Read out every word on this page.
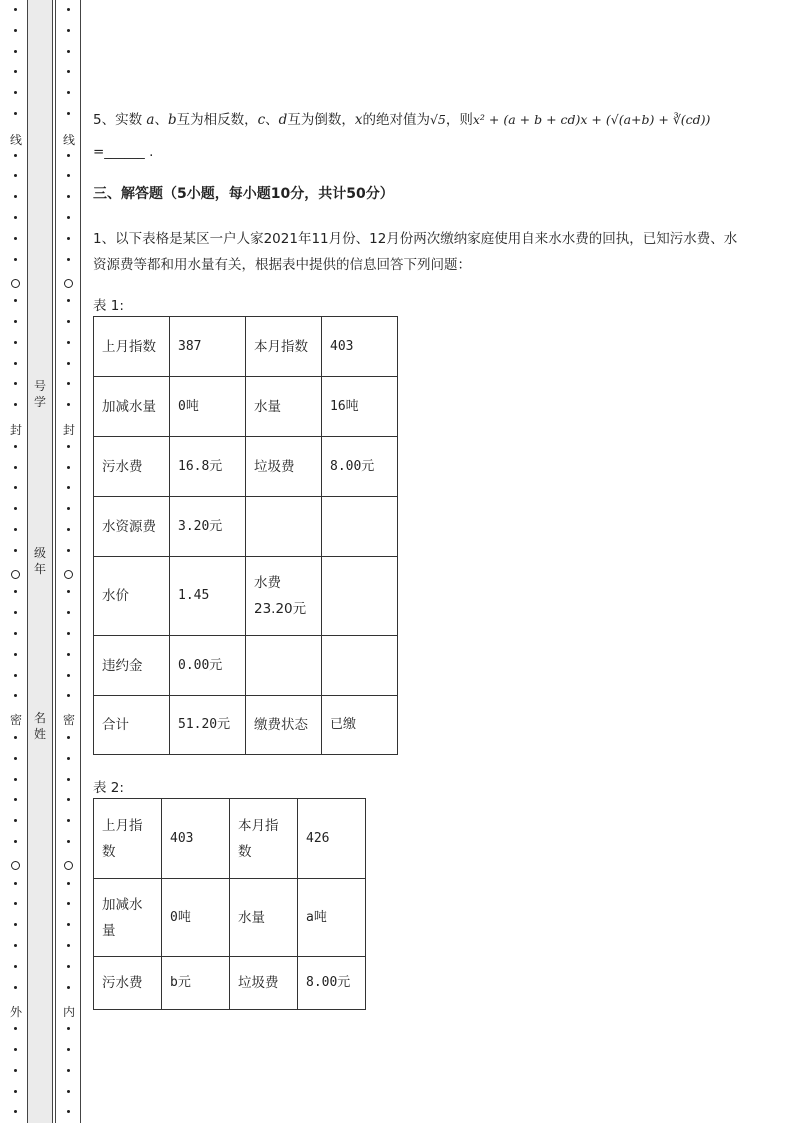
线
封
密
外
线
封
密
内
号
学
级
年
名
姓
5、实数 a、b互为相反数，c、d互为倒数，x的绝对值为√5，则x² + (a + b + cd)x + (√(a+b) + ∛(cd))
=______ .
三、解答题（5小题，每小题10分，共计50分）
1、以下表格是某区一户人家2021年11月份、12月份两次缴纳家庭使用自来水水费的回执，已知污水费、水资源费等都和用水量有关，根据表中提供的信息回答下列问题：
表 1:
上月指数	387	本月指数	403
加减水量	0吨	水量	16吨
污水费	16.8元	垃圾费	8.00元
水资源费	3.20元		
水价	1.45	水费
23.20元	
违约金	0.00元		
合计	51.20元	缴费状态	已缴
表 2:
上月指
数	403	本月指
数	426
加减水
量	0吨	水量	a吨
污水费	b元	垃圾费	8.00元
